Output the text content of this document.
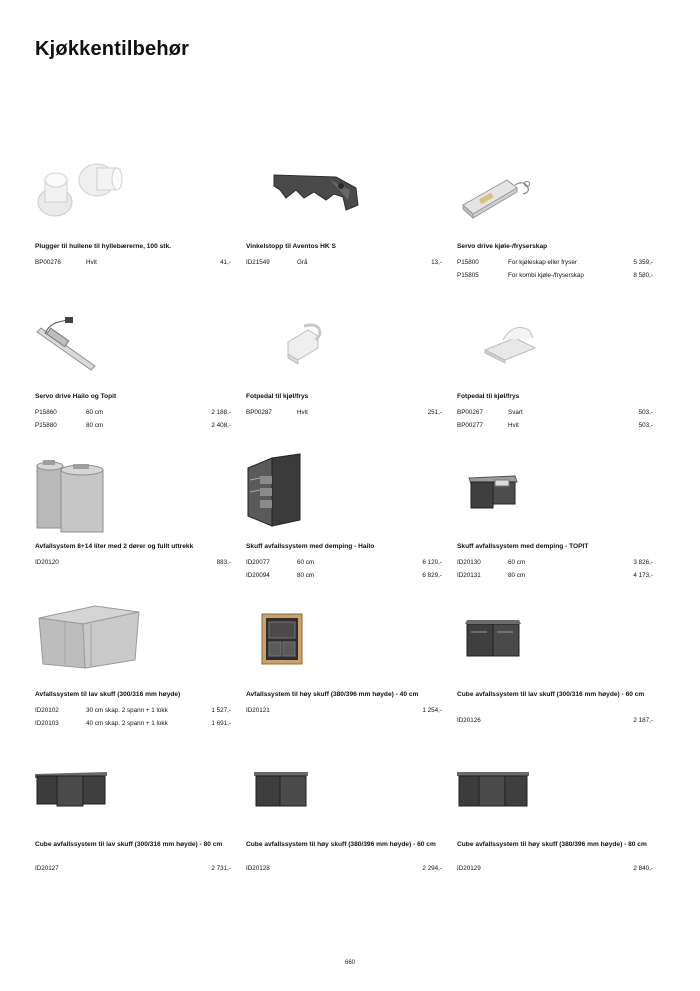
Kjøkkentilbehør
Plugger til hullene til hyllebærerne, 100 stk.
BP00276	Hvit	41,-
Vinkelstopp til Aventos HK S
ID21549	Grå	13,-
Servo drive kjøle-/fryserskap
P15800	For kjøleskap eller fryser	5 359,-
P15805	For kombi kjøle-/fryserskap	8 580,-
Servo drive Hailo og Topit
P15860	60 cm	2 188,-
P15880	80 cm	2 408,-
Fotpedal til kjøl/frys
BP00287	Hvit	251,-
Fotpedal til kjøl/frys
BP00267	Svart	503,-
BP00277	Hvit	503,-
Avfallsystem 8+14 liter med 2 dører og fullt uttrekk
ID20120	883,-
Skuff avfallssystem med demping - Hailo
ID20077	60 cm	6 120,-
ID20094	80 cm	6 829,-
Skuff avfallssystem med demping - TOPIT
ID20130	60 cm	3 826,-
ID20131	80 cm	4 173,-
Avfallssystem til lav skuff (300/316 mm høyde)
ID20102	30 cm skap. 2 spann + 1 lokk	1 527,-
ID20103	40 cm skap. 2 spann + 1 lokk	1 691,-
Avfallssystem til høy skuff (380/396 mm høyde) - 40 cm
ID20121	1 254,-
Cube avfallssystem til lav skuff (300/316 mm høyde) - 60 cm
ID20126	2 187,-
Cube avfallssystem til lav skuff (300/316 mm høyde) - 80 cm
ID20127	2 731,-
Cube avfallssystem til høy skuff (380/396 mm høyde) - 60 cm
ID20128	2 294,-
Cube avfallssystem til høy skuff (380/396 mm høyde) - 80 cm
ID20129	2 840,-
660
